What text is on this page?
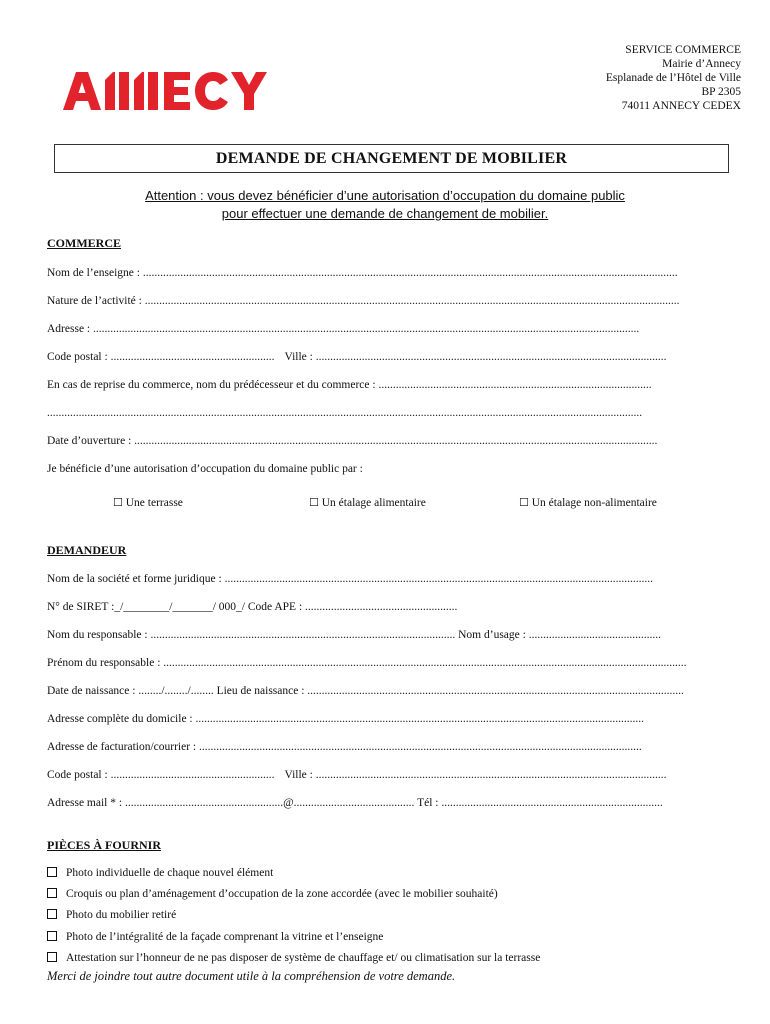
SERVICE COMMERCE
Mairie d’Annecy
Esplanade de l’Hôtel de Ville
BP 2305
74011 ANNECY CEDEX
DEMANDE DE CHANGEMENT DE MOBILIER
Attention : vous devez bénéficier d’une autorisation d’occupation du domaine public
pour effectuer une demande de changement de mobilier.
COMMERCE
Nom de l’enseigne : ..........................................................................................................................................................................................
Nature de l’activité : ..........................................................................................................................................................................................
Adresse : ..............................................................................................................................................................................................
Code postal : ......................................................... Ville : ..........................................................................................................................
En cas de reprise du commerce, nom du prédécesseur et du commerce : ...............................................................................................
...............................................................................................................................................................................................................
Date d’ouverture : ......................................................................................................................................................................................
Je bénéficie d’une autorisation d’occupation du domaine public par :
☐ Une terrasse	☐ Un étalage alimentaire	☐ Un étalage non-alimentaire
DEMANDEUR
Nom de la société et forme juridique : .....................................................................................................................................................
N° de SIRET :_/________/_______/ 000_/ Code APE : .....................................................
Nom du responsable : .......................................................................................................... Nom d’usage : ..............................................
Prénom du responsable : ......................................................................................................................................................................................
Date de naissance : ......../......../........ Lieu de naissance : ...................................................................................................................................
Adresse complète du domicile : ............................................................................................................................................................
Adresse de facturation/courrier : ..........................................................................................................................................................
Code postal : ......................................................... Ville : ..........................................................................................................................
Adresse mail * : .......................................................@.......................................... Tél : .............................................................................
PIÈCES À FOURNIR
Photo individuelle de chaque nouvel élément
Croquis ou plan d’aménagement d’occupation de la zone accordée (avec le mobilier souhaité)
Photo du mobilier retiré
Photo de l’intégralité de la façade comprenant la vitrine et l’enseigne
Attestation sur l’honneur de ne pas disposer de système de chauffage et/ ou climatisation sur la terrasse
Merci de joindre tout autre document utile à la compréhension de votre demande.
